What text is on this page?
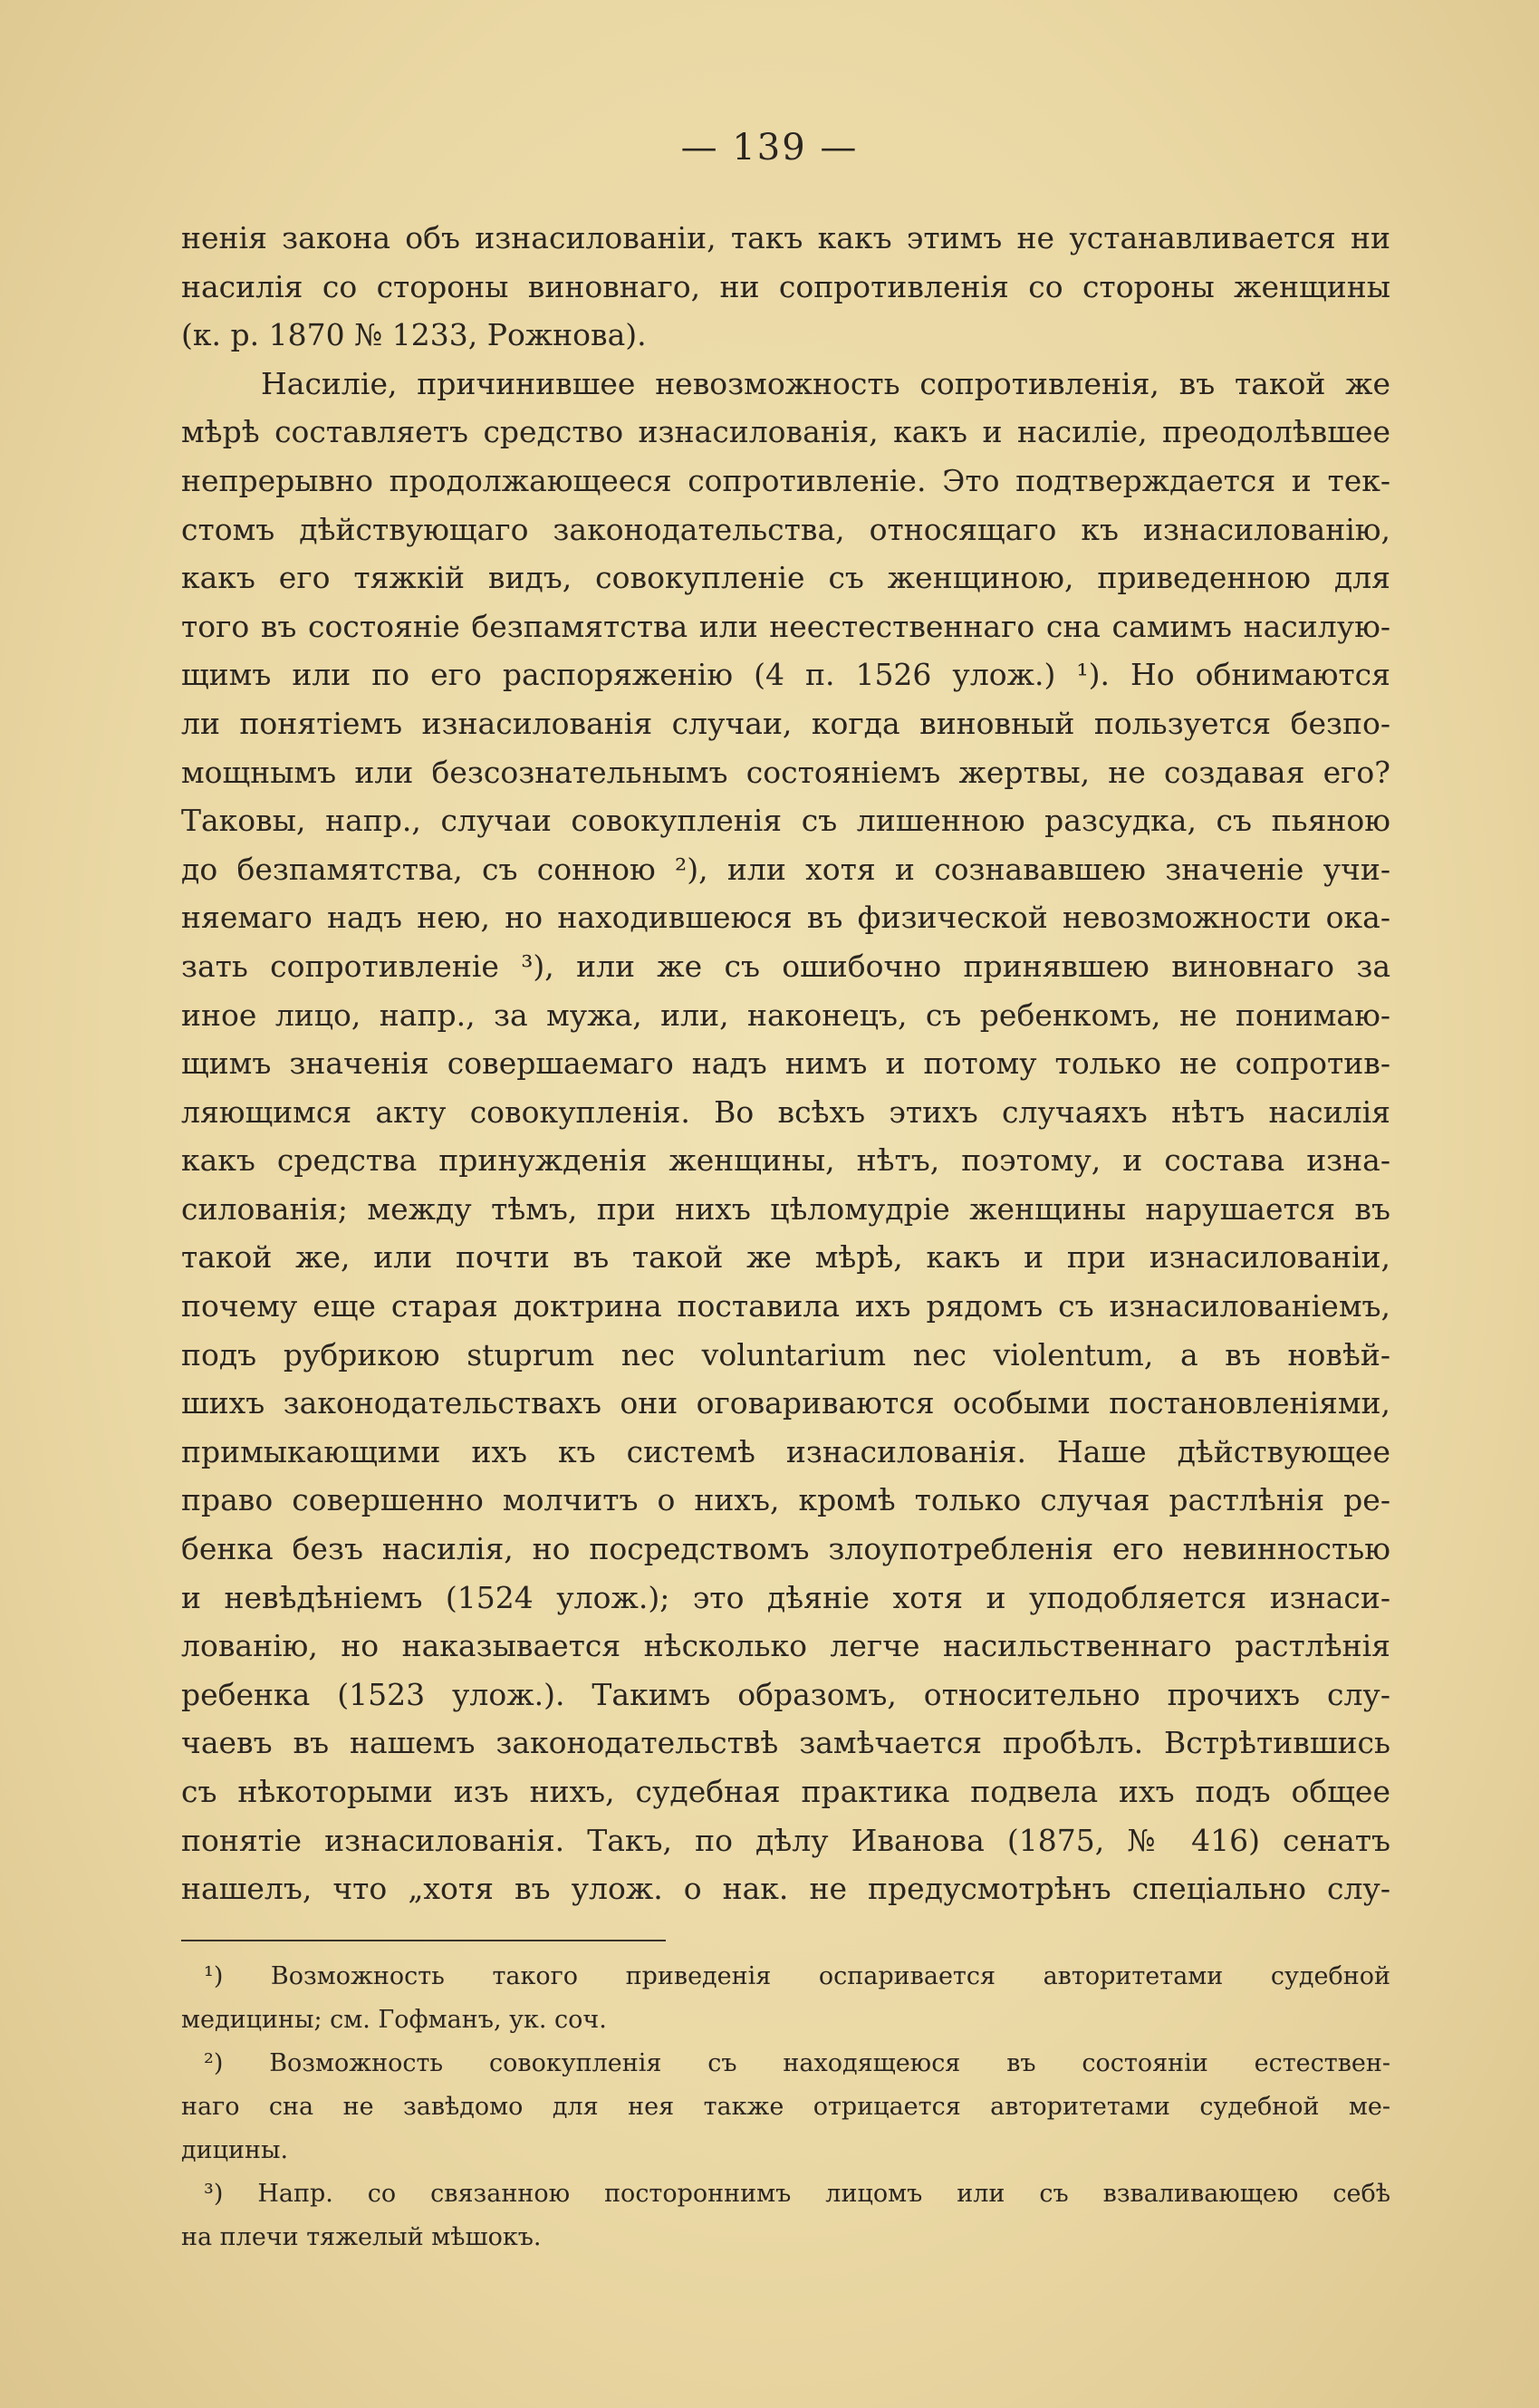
— 139 —
ненія закона объ изнасилованіи, такъ какъ этимъ не устанавливается ни
насилія со стороны виновнаго, ни сопротивленія со стороны женщины
(к. р. 1870 № 1233, Рожнова).
Насиліе, причинившее невозможность сопротивленія, въ такой же
мѣрѣ составляетъ средство изнасилованія, какъ и насиліе, преодолѣвшее
непрерывно продолжающееся сопротивленіе. Это подтверждается и тек-
стомъ дѣйствующаго законодательства, относящаго къ изнасилованію,
какъ его тяжкій видъ, совокупленіе съ женщиною, приведенною для
того въ состояніе безпамятства или неестественнаго сна самимъ насилую-
щимъ или по его распоряженію (4 п. 1526 улож.) ¹). Но обнимаются
ли понятіемъ изнасилованія случаи, когда виновный пользуется безпо-
мощнымъ или безсознательнымъ состояніемъ жертвы, не создавая его?
Таковы, напр., случаи совокупленія съ лишенною разсудка, съ пьяною
до безпамятства, съ сонною ²), или хотя и сознававшею значеніе учи-
няемаго надъ нею, но находившеюся въ физической невозможности ока-
зать сопротивленіе ³), или же съ ошибочно принявшею виновнаго за
иное лицо, напр., за мужа, или, наконецъ, съ ребенкомъ, не понимаю-
щимъ значенія совершаемаго надъ нимъ и потому только не сопротив-
ляющимся акту совокупленія. Во всѣхъ этихъ случаяхъ нѣтъ насилія
какъ средства принужденія женщины, нѣтъ, поэтому, и состава изна-
силованія; между тѣмъ, при нихъ цѣломудріе женщины нарушается въ
такой же, или почти въ такой же мѣрѣ, какъ и при изнасилованіи,
почему еще старая доктрина поставила ихъ рядомъ съ изнасилованіемъ,
подъ рубрикою stuprum nec voluntarium nec violentum, а въ новѣй-
шихъ законодательствахъ они оговариваются особыми постановленіями,
примыкающими ихъ къ системѣ изнасилованія. Наше дѣйствующее
право совершенно молчитъ о нихъ, кромѣ только случая растлѣнія ре-
бенка безъ насилія, но посредствомъ злоупотребленія его невинностью
и невѣдѣніемъ (1524 улож.); это дѣяніе хотя и уподобляется изнаси-
лованію, но наказывается нѣсколько легче насильственнаго растлѣнія
ребенка (1523 улож.). Такимъ образомъ, относительно прочихъ слу-
чаевъ въ нашемъ законодательствѣ замѣчается пробѣлъ. Встрѣтившись
съ нѣкоторыми изъ нихъ, судебная практика подвела ихъ подъ общее
понятіе изнасилованія. Такъ, по дѣлу Иванова (1875, № 416) сенатъ
нашелъ, что „хотя въ улож. о нак. не предусмотрѣнъ спеціально слу-
¹) Возможность такого приведенія оспаривается авторитетами судебной
медицины; см. Гофманъ, ук. соч.
²) Возможность совокупленія съ находящеюся въ состояніи естествен-
наго сна не завѣдомо для нея также отрицается авторитетами судебной ме-
дицины.
³) Напр. со связанною постороннимъ лицомъ или съ взваливающею себѣ
на плечи тяжелый мѣшокъ.
